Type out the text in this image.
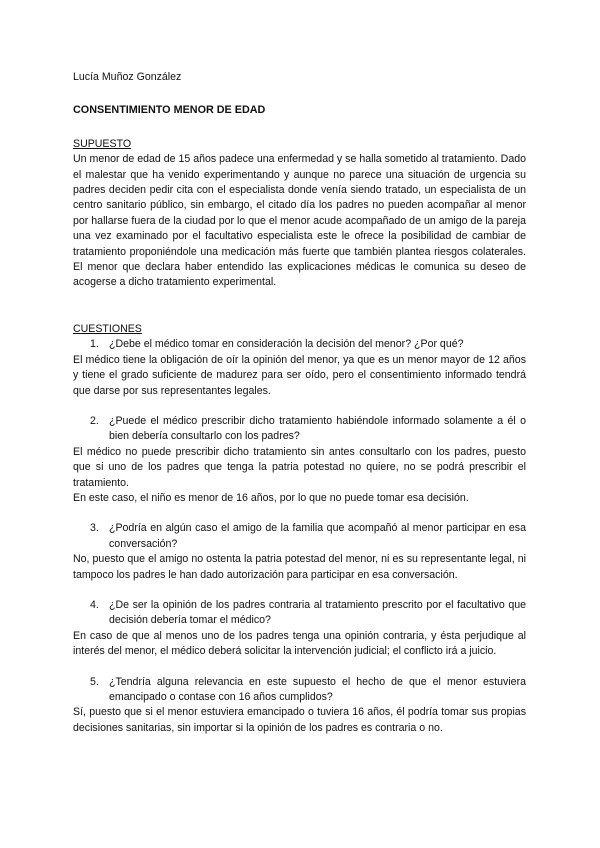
Lucía Muñoz González

CONSENTIMIENTO MENOR DE EDAD

SUPUESTO

Un menor de edad de 15 años padece una enfermedad y se halla sometido al tratamiento. Dado el malestar que ha venido experimentando y aunque no parece una situación de urgencia su padres deciden pedir cita con el especialista donde venía siendo tratado, un especialista de un centro sanitario público, sin embargo, el citado día los padres no pueden acompañar al menor por hallarse fuera de la ciudad por lo que el menor acude acompañado de un amigo de la pareja una vez examinado por el facultativo especialista este le ofrece la posibilidad de cambiar de tratamiento proponiéndole una medicación más fuerte que también plantea riesgos colaterales. El menor que declara haber entendido las explicaciones médicas le comunica su deseo de acogerse a dicho tratamiento experimental.

CUESTIONES

1. ¿Debe el médico tomar en consideración la decisión del menor? ¿Por qué?

El médico tiene la obligación de oír la opinión del menor, ya que es un menor mayor de 12 años y tiene el grado suficiente de madurez para ser oído, pero el consentimiento informado tendrá que darse por sus representantes legales.

2. ¿Puede el médico prescribir dicho tratamiento habiéndole informado solamente a él o bien debería consultarlo con los padres?

El médico no puede prescribir dicho tratamiento sin antes consultarlo con los padres, puesto que si uno de los padres que tenga la patria potestad no quiere, no se podrá prescribir el tratamiento.

En este caso, el niño es menor de 16 años, por lo que no puede tomar esa decisión.

3. ¿Podría en algún caso el amigo de la familia que acompañó al menor participar en esa conversación?

No, puesto que el amigo no ostenta la patria potestad del menor, ni es su representante legal, ni tampoco los padres le han dado autorización para participar en esa conversación.

4. ¿De ser la opinión de los padres contraria al tratamiento prescrito por el facultativo que decisión debería tomar el médico?

En caso de que al menos uno de los padres tenga una opinión contraria, y ésta perjudique al interés del menor, el médico deberá solicitar la intervención judicial; el conflicto irá a juicio.

5. ¿Tendría alguna relevancia en este supuesto el hecho de que el menor estuviera emancipado o contase con 16 años cumplidos?

Sí, puesto que si el menor estuviera emancipado o tuviera 16 años, él podría tomar sus propias decisiones sanitarias, sin importar si la opinión de los padres es contraria o no.
